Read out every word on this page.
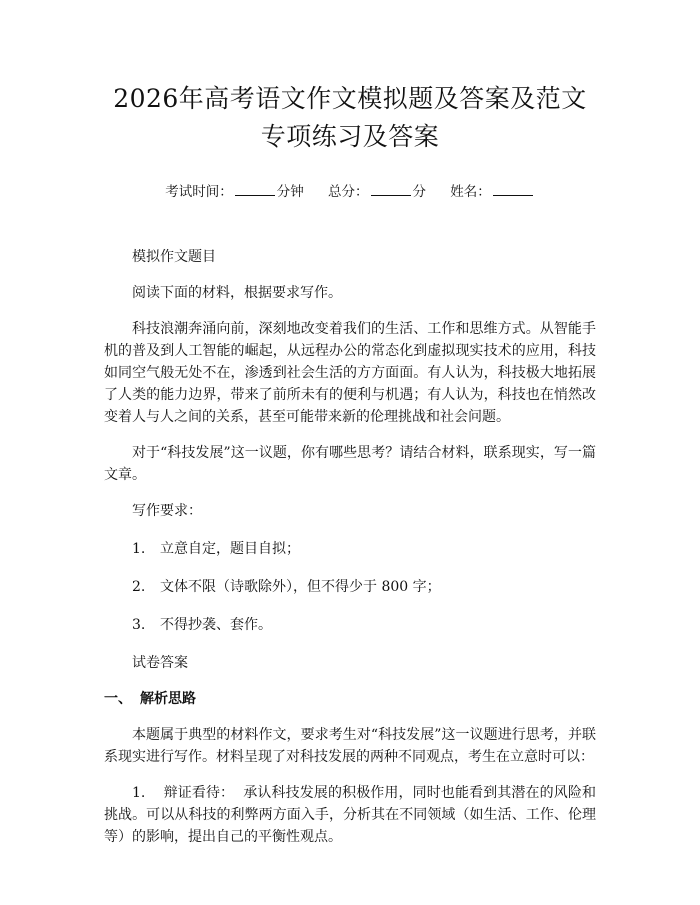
2026年高考语文作文模拟题及答案及范文专项练习及答案
考试时间：	分钟 总分：	分 姓名：

模拟作文题目

阅读下面的材料，根据要求写作。

科技浪潮奔涌向前，深刻地改变着我们的生活、工作和思维方式。从智能手机的普及到人工智能的崛起，从远程办公的常态化到虚拟现实技术的应用，科技如同空气般无处不在，渗透到社会生活的方方面面。有人认为，科技极大地拓展了人类的能力边界，带来了前所未有的便利与机遇；有人认为，科技也在悄然改变着人与人之间的关系，甚至可能带来新的伦理挑战和社会问题。

对于“科技发展”这一议题，你有哪些思考？请结合材料，联系现实，写一篇文章。

写作要求：

1. 立意自定，题目自拟；

2. 文体不限（诗歌除外），但不得少于 800 字；

3. 不得抄袭、套作。

试卷答案

一、 解析思路

本题属于典型的材料作文，要求考生对“科技发展”这一议题进行思考，并联系现实进行写作。材料呈现了对科技发展的两种不同观点，考生在立意时可以：

1. 辩证看待： 承认科技发展的积极作用，同时也能看到其潜在的风险和挑战。可以从科技的利弊两方面入手，分析其在不同领域（如生活、工作、伦理等）的影响，提出自己的平衡性观点。
